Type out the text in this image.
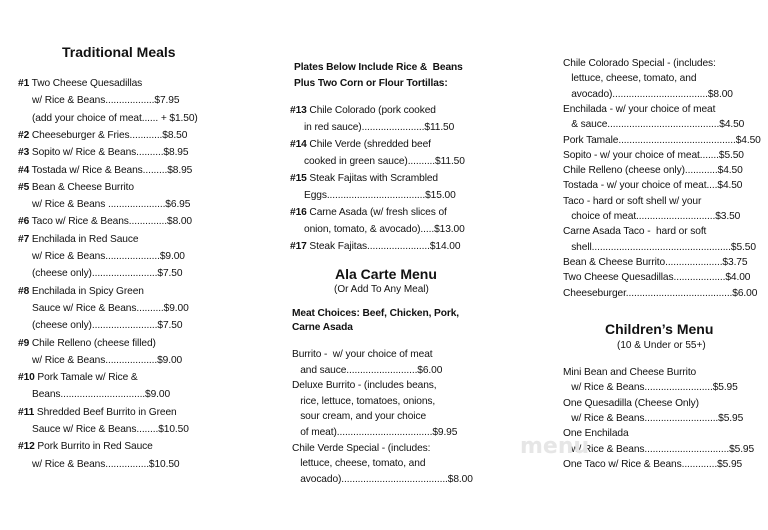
Traditional Meals
#1 Two Cheese Quesadillas
w/ Rice & Beans..................$7.95
(add your choice of meat...... + $1.50)
#2 Cheeseburger & Fries............$8.50
#3 Sopito w/ Rice & Beans..........$8.95
#4 Tostada w/ Rice & Beans.........$8.95
#5 Bean & Cheese Burrito
w/ Rice & Beans .....................$6.95
#6 Taco w/ Rice & Beans..............$8.00
#7 Enchilada in Red Sauce
w/ Rice & Beans....................$9.00
(cheese only)........................$7.50
#8 Enchilada in Spicy Green
Sauce w/ Rice & Beans..........$9.00
(cheese only)........................$7.50
#9 Chile Relleno (cheese filled)
w/ Rice & Beans...................$9.00
#10 Pork Tamale w/ Rice &
Beans...............................$9.00
#11 Shredded Beef Burrito in Green
Sauce w/ Rice & Beans........$10.50
#12 Pork Burrito in Red Sauce
w/ Rice & Beans................$10.50
Plates Below Include Rice &  Beans
Plus Two Corn or Flour Tortillas:
#13 Chile Colorado (pork cooked
in red sauce).......................$11.50
#14 Chile Verde (shredded beef
cooked in green sauce)..........$11.50
#15 Steak Fajitas with Scrambled
Eggs....................................$15.00
#16 Carne Asada (w/ fresh slices of
onion, tomato, & avocado).....$13.00
#17 Steak Fajitas.......................$14.00
Ala Carte Menu
(Or Add To Any Meal)
Meat Choices: Beef, Chicken, Pork,
Carne Asada
Burrito -  w/ your choice of meat
and sauce..........................$6.00
Deluxe Burrito - (includes beans,
rice, lettuce, tomatoes, onions,
sour cream, and your choice
of meat)...................................$9.95
Chile Verde Special - (includes:
lettuce, cheese, tomato, and
avocado).......................................$8.00
Chile Colorado Special - (includes:
lettuce, cheese, tomato, and
avocado)...................................$8.00
Enchilada - w/ your choice of meat
& sauce.........................................$4.50
Pork Tamale...........................................$4.50
Sopito - w/ your choice of meat.......$5.50
Chile Relleno (cheese only)............$4.50
Tostada - w/ your choice of meat....$4.50
Taco - hard or soft shell w/ your
choice of meat.............................$3.50
Carne Asada Taco -  hard or soft
shell...................................................$5.50
Bean & Cheese Burrito.....................$3.75
Two Cheese Quesadillas...................$4.00
Cheeseburger.......................................$6.00
Children’s Menu
(10 & Under or 55+)
Mini Bean and Cheese Burrito
w/ Rice & Beans.........................$5.95
One Quesadilla (Cheese Only)
w/ Rice & Beans...........................$5.95
One Enchilada
w/ Rice & Beans...............................$5.95
One Taco w/ Rice & Beans.............$5.95
menu
